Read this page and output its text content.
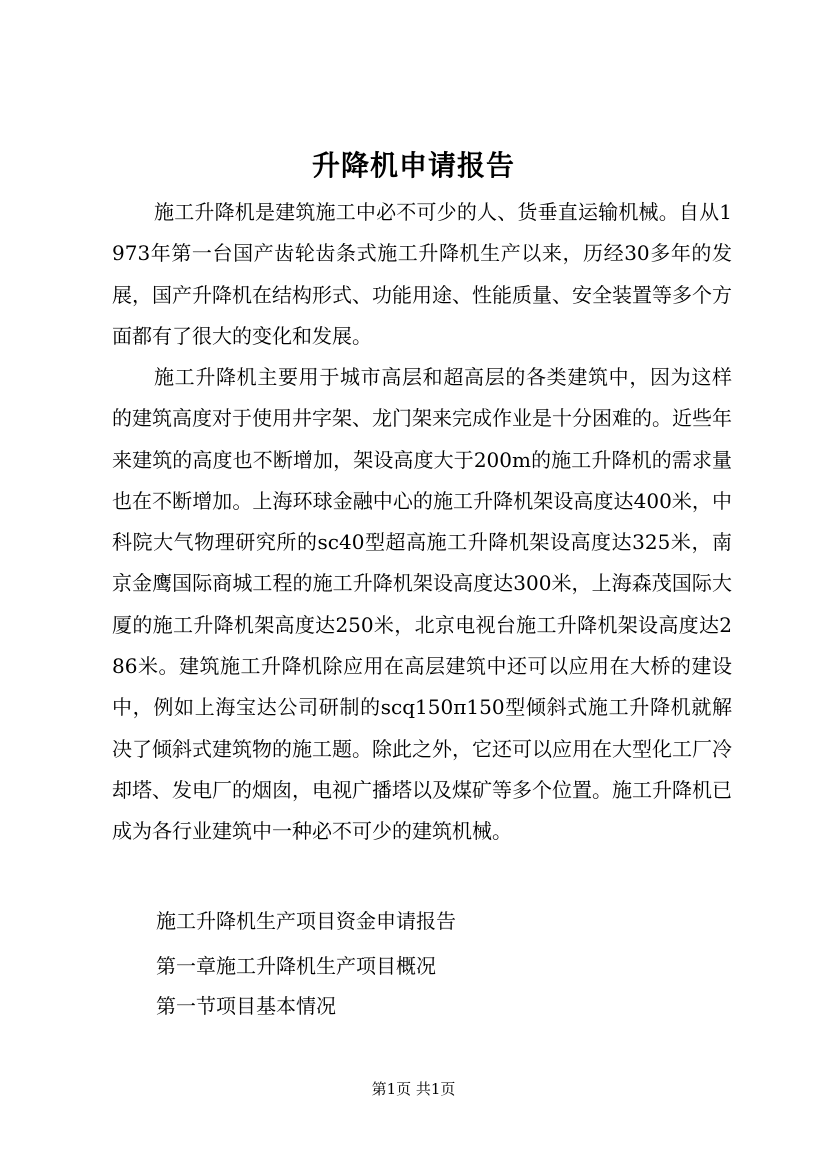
升降机申请报告

施工升降机是建筑施工中必不可少的人、货垂直运输机械。自从1973年第一台国产齿轮齿条式施工升降机生产以来，历经30多年的发展，国产升降机在结构形式、功能用途、性能质量、安全装置等多个方面都有了很大的变化和发展。

施工升降机主要用于城市高层和超高层的各类建筑中，因为这样的建筑高度对于使用井字架、龙门架来完成作业是十分困难的。近些年来建筑的高度也不断增加，架设高度大于200m的施工升降机的需求量也在不断增加。上海环球金融中心的施工升降机架设高度达400米，中科院大气物理研究所的sc40型超高施工升降机架设高度达325米，南京金鹰国际商城工程的施工升降机架设高度达300米，上海森茂国际大厦的施工升降机架高度达250米，北京电视台施工升降机架设高度达286米。建筑施工升降机除应用在高层建筑中还可以应用在大桥的建设中，例如上海宝达公司研制的scq150π150型倾斜式施工升降机就解决了倾斜式建筑物的施工题。除此之外，它还可以应用在大型化工厂冷却塔、发电厂的烟囱，电视广播塔以及煤矿等多个位置。施工升降机已成为各行业建筑中一种必不可少的建筑机械。

施工升降机生产项目资金申请报告
第一章施工升降机生产项目概况
第一节项目基本情况
第1页 共1页
